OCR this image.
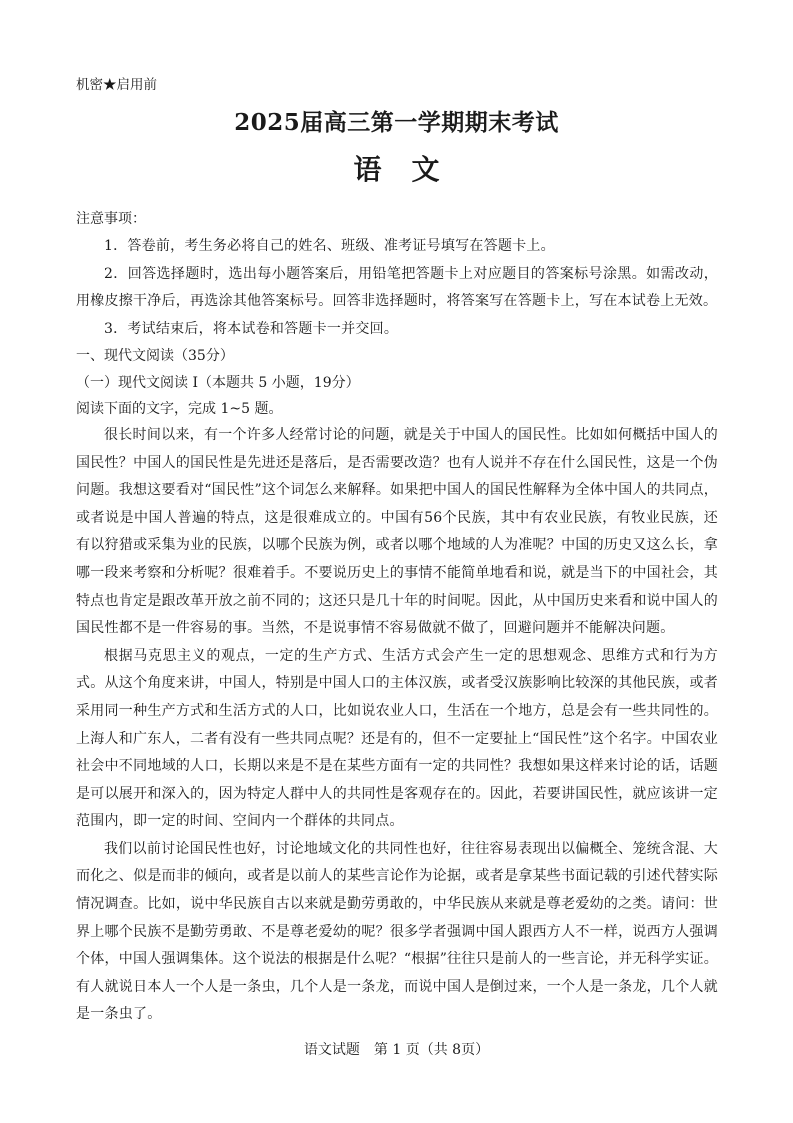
机密★启用前
2025届高三第一学期期末考试
语文

注意事项：

1．答卷前，考生务必将自己的姓名、班级、准考证号填写在答题卡上。

2．回答选择题时，选出每小题答案后，用铅笔把答题卡上对应题目的答案标号涂黑。如需改动，用橡皮擦干净后，再选涂其他答案标号。回答非选择题时，将答案写在答题卡上，写在本试卷上无效。

3．考试结束后，将本试卷和答题卡一并交回。

一、现代文阅读（35分）

（一）现代文阅读 I（本题共 5 小题，19分）

阅读下面的文字，完成 1~5 题。

很长时间以来，有一个许多人经常讨论的问题，就是关于中国人的国民性。比如如何概括中国人的国民性？中国人的国民性是先进还是落后，是否需要改造？也有人说并不存在什么国民性，这是一个伪问题。我想这要看对“国民性”这个词怎么来解释。如果把中国人的国民性解释为全体中国人的共同点，或者说是中国人普遍的特点，这是很难成立的。中国有56个民族，其中有农业民族，有牧业民族，还有以狩猎或采集为业的民族，以哪个民族为例，或者以哪个地域的人为准呢？中国的历史又这么长，拿哪一段来考察和分析呢？很难着手。不要说历史上的事情不能简单地看和说，就是当下的中国社会，其特点也肯定是跟改革开放之前不同的；这还只是几十年的时间呢。因此，从中国历史来看和说中国人的国民性都不是一件容易的事。当然，不是说事情不容易做就不做了，回避问题并不能解决问题。

根据马克思主义的观点，一定的生产方式、生活方式会产生一定的思想观念、思维方式和行为方式。从这个角度来讲，中国人，特别是中国人口的主体汉族，或者受汉族影响比较深的其他民族，或者采用同一种生产方式和生活方式的人口，比如说农业人口，生活在一个地方，总是会有一些共同性的。上海人和广东人，二者有没有一些共同点呢？还是有的，但不一定要扯上“国民性”这个名字。中国农业社会中不同地域的人口，长期以来是不是在某些方面有一定的共同性？我想如果这样来讨论的话，话题是可以展开和深入的，因为特定人群中人的共同性是客观存在的。因此，若要讲国民性，就应该讲一定范围内，即一定的时间、空间内一个群体的共同点。

我们以前讨论国民性也好，讨论地域文化的共同性也好，往往容易表现出以偏概全、笼统含混、大而化之、似是而非的倾向，或者是以前人的某些言论作为论据，或者是拿某些书面记载的引述代替实际情况调查。比如，说中华民族自古以来就是勤劳勇敢的，中华民族从来就是尊老爱幼的之类。请问：世界上哪个民族不是勤劳勇敢、不是尊老爱幼的呢？很多学者强调中国人跟西方人不一样，说西方人强调个体，中国人强调集体。这个说法的根据是什么呢？“根据”往往只是前人的一些言论，并无科学实证。有人就说日本人一个人是一条虫，几个人是一条龙，而说中国人是倒过来，一个人是一条龙，几个人就是一条虫了。

语文试题　第 1 页（共 8页）
